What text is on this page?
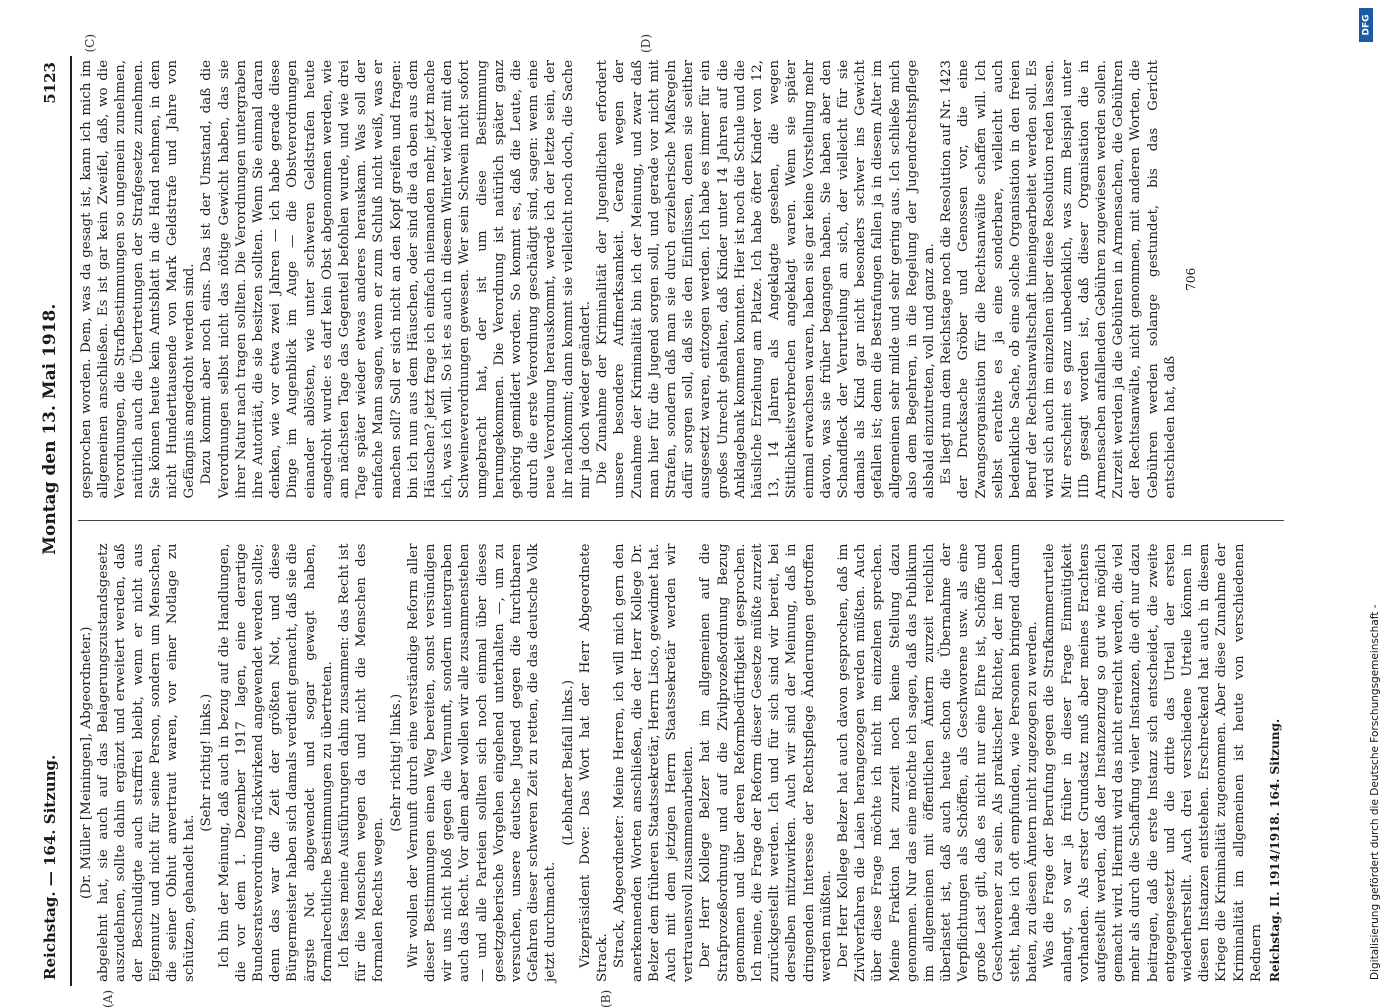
Reichstag. — 164. Sitzung.
Montag den 13. Mai 1918.
5123
(A)	(B)

(Dr. Müller [Meiningen], Abgeordneter.) abgelehnt hat, sie auch auf das Belagerungszustandsgesetz auszudehnen, sollte dahin ergänzt und erweitert werden, daß der Beschuldigte auch straffrei bleibt, wenn er nicht aus Eigennutz und nicht für seine Person, sondern um Menschen, die seiner Obhut anvertraut waren, vor einer Notlage zu schützen, gehandelt hat.

(Sehr richtig! links.) Ich bin der Meinung, daß auch in bezug auf die Handlungen, die vor dem 1. Dezember 1917 lagen, eine derartige Bundesratsverordnung rückwirkend angewendet werden sollte; denn das war die Zeit der größten Not, und diese Bürgermeister haben sich damals verdient gemacht, daß sie die ärgste Not abgewendet und sogar gewagt haben, formalrechtliche Bestimmungen zu übertreten. Ich fasse meine Ausführungen dahin zusammen: das Recht ist für die Menschen wegen da und nicht die Menschen des formalen Rechts wegen.

(Sehr richtig! links.) Wir wollen der Vernunft durch eine verständige Reform aller dieser Bestimmungen einen Weg bereiten, sonst versündigen wir uns nicht bloß gegen die Vernunft, sondern untergraben auch das Recht. Vor allem aber wollen wir alle zusammenstehen — und alle Parteien sollten sich noch einmal über dieses gesetzgeberische Vorgehen eingehend unterhalten —, um zu versuchen, unsere deutsche Jugend gegen die furchtbaren Gefahren dieser schweren Zeit zu retten, die das deutsche Volk jetzt durchmacht.

(Lebhafter Beifall links.) Vizepräsident Dove: Das Wort hat der Herr Abgeordnete Strack. Strack, Abgeordneter: Meine Herren, ich will mich gern den anerkennenden Worten anschließen, die der Herr Kollege Dr. Belzer dem früheren Staatssekretär, Herrn Lisco, gewidmet hat. Auch mit dem jetzigen Herrn Staatssekretär werden wir vertrauensvoll zusammenarbeiten. Der Herr Kollege Belzer hat im allgemeinen auf die Strafprozeßordnung und auf die Zivilprozeßordnung Bezug genommen und über deren Reformbedürftigkeit gesprochen. Ich meine, die Frage der Reform dieser Gesetze müßte zurzeit zurückgestellt werden. Ich und für sich sind wir bereit, bei derselben mitzuwirken. Auch wir sind der Meinung, daß in dringenden Interesse der Rechtspflege Änderungen getroffen werden müßten. Der Herr Kollege Belzer hat auch davon gesprochen, daß im Zivilverfahren die Laien herangezogen werden müßten. Auch über diese Frage möchte ich nicht im einzelnen sprechen. Meine Fraktion hat zurzeit noch keine Stellung dazu genommen. Nur das eine möchte ich sagen, daß das Publikum im allgemeinen mit öffentlichen Ämtern zurzeit reichlich überlastet ist, daß auch heute schon die Übernahme der Verpflichtungen als Schöffen, als Geschworene usw. als eine große Last gilt, daß es nicht nur eine Ehre ist, Schöffe und Geschworener zu sein. Als praktischer Richter, der im Leben steht, habe ich oft empfunden, wie Personen bringend darum baten, zu diesen Ämtern nicht zugezogen zu werden. Was die Frage der Berufung gegen die Strafkammerurteile anlangt, so war ja früher in dieser Frage Einmütigkeit vorhanden. Als erster Grundsatz muß aber meines Erachtens aufgestellt werden, daß der Instanzenzug so gut wie möglich gemacht wird. Hiermit wird das nicht erreicht werden, die viel mehr als durch die Schaffung vieler Instanzen, die oft nur dazu beitragen, daß die erste Instanz sich entscheidet, die zweite entgegengesetzt und die dritte das Urteil der ersten wiederherstellt. Auch drei verschiedene Urteile können in diesen Instanzen entstehen. Erschreckend hat auch in diesem Kriege die Kriminalität zugenommen. Aber diese Zunahme der Kriminalität im allgemeinen ist heute von verschiedenen Rednern Reichstag. II. 1914/1918. 164. Sitzung.
(C)	(D)

gesprochen worden. Dem, was da gesagt ist, kann ich mich im allgemeinen anschließen. Es ist gar kein Zweifel, daß, wo die Verordnungen, die Strafbestimmungen so ungemein zunehmen, natürlich auch die Übertretungen der Strafgesetze zunehmen. Sie können heute kein Amtsblatt in die Hand nehmen, in dem nicht Hunderttausende von Mark Geldstrafe und Jahre von Gefängnis angedroht werden sind. Dazu kommt aber noch eins. Das ist der Umstand, daß die Verordnungen selbst nicht das nötige Gewicht haben, das sie ihrer Natur nach tragen sollten. Die Verordnungen untergraben ihre Autorität, die sie besitzen sollten. Wenn Sie einmal daran denken, wie vor etwa zwei Jahren — ich habe gerade diese Dinge im Augenblick im Auge — die Obstverordnungen einander ablösten, wie unter schweren Geldstrafen heute angedroht wurde: es darf kein Obst abgenommen werden, wie am nächsten Tage das Gegenteil befohlen wurde, und wie drei Tage später wieder etwas anderes herauskam. Was soll der einfache Mann sagen, wenn er zum Schluß nicht weiß, was er machen soll? Soll er sich nicht an den Kopf greifen und fragen: bin ich nun aus dem Häuschen, oder sind die da oben aus dem Häuschen? jetzt frage ich einfach niemanden mehr, jetzt mache ich, was ich will. So ist es auch in diesem Winter wieder mit den Schweineverordnungen gewesen. Wer sein Schwein nicht sofort umgebracht hat, der ist um diese Bestimmung herumgekommen. Die Verordnung ist natürlich später ganz gehörig gemildert worden. So kommt es, daß die Leute, die durch die erste Verordnung geschädigt sind, sagen: wenn eine neue Verordnung herauskommt, werde ich der letzte sein, der ihr nachkommt; dann kommt sie vielleicht noch doch, die Sache mir ja doch wieder geändert. Die Zunahme der Kriminalität der Jugendlichen erfordert unsere besondere Aufmerksamkeit. Gerade wegen der Zunahme der Kriminalität bin ich der Meinung, und zwar daß man hier für die Jugend sorgen soll, und gerade vor nicht mit Strafen, sondern daß man sie durch erzieherische Maßregeln dafür sorgen soll, daß sie den Einflüssen, denen sie seither ausgesetzt waren, entzogen werden. Ich habe es immer für ein großes Unrecht gehalten, daß Kinder unter 14 Jahren auf die Anklagebank kommen konnten. Hier ist noch die Schule und die häusliche Erziehung am Platze. Ich habe öfter Kinder von 12, 13, 14 Jahren als Angeklagte gesehen, die wegen Sittlichkeitsverbrechen angeklagt waren. Wenn sie später einmal erwachsen waren, haben sie gar keine Vorstellung mehr davon, was sie früher begangen haben. Sie haben aber den Schandfleck der Verurteilung an sich, der vielleicht für sie damals als Kind gar nicht besonders schwer ins Gewicht gefallen ist; denn die Bestrafungen fallen ja in diesem Alter im allgemeinen sehr milde und sehr gering aus. Ich schließe mich also dem Begehren, in die Regelung der Jugendrechtspflege alsbald einzutreten, voll und ganz an. Es liegt nun dem Reichstage noch die Resolution auf Nr. 1423 der Drucksache Gröber und Genossen vor, die eine Zwangsorganisation für die Rechtsanwälte schaffen will. Ich selbst erachte es ja eine sonderbare, vielleicht auch bedenkliche Sache, ob eine solche Organisation in den freien Beruf der Rechtsanwaltschaft hineingearbeitet werden soll. Es wird sich auch im einzelnen über diese Resolution reden lassen. Mir erscheint es ganz unbedenklich, was zum Beispiel unter IIIb gesagt worden ist, daß dieser Organisation die in Armensachen anfallenden Gebühren zugewiesen werden sollen. Zurzeit werden ja die Gebühren in Armensachen, die Gebühren der Rechtsanwälte, nicht genommen, mit anderen Worten, die Gebühren werden solange gestundet, bis das Gericht entschieden hat, daß

706
DFG
Digitalisierung gefördert durch die Deutsche Forschungsgemeinschaft -
